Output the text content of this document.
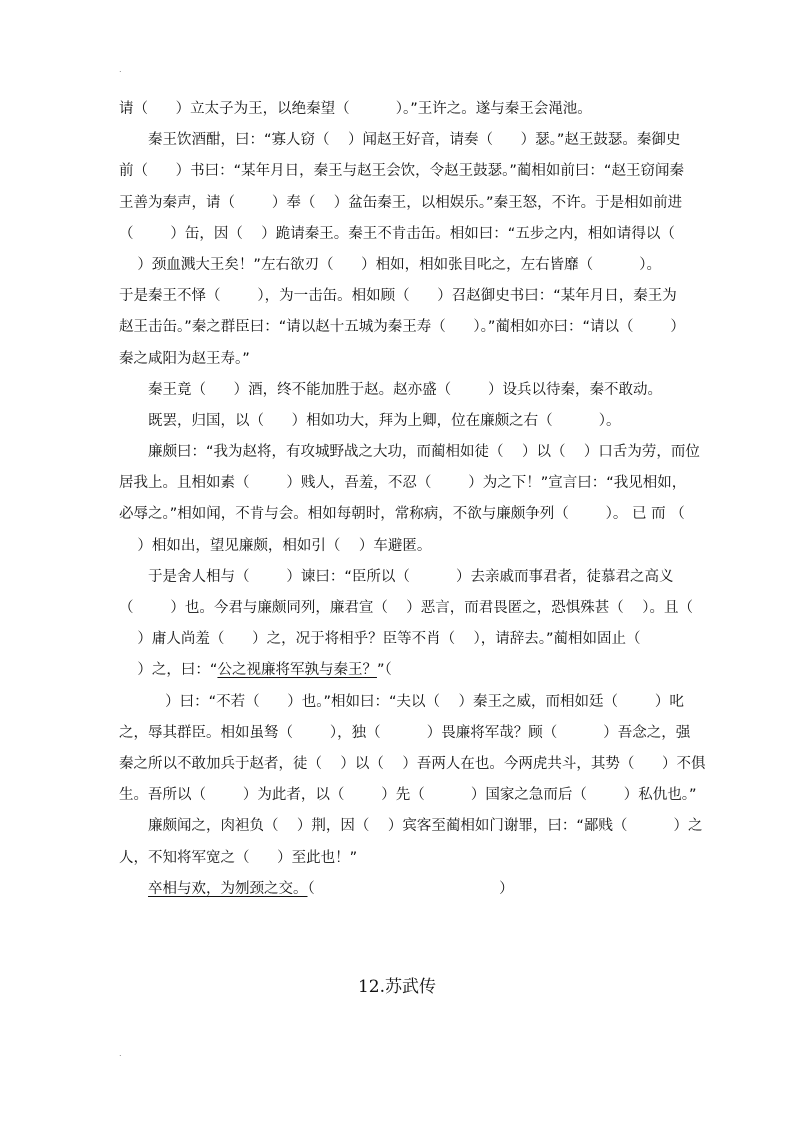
.
请（      ）立太子为王，以绝秦望（          ）。”王许之。遂与秦王会渑池。
秦王饮酒酣，曰：“寡人窃（    ）闻赵王好音，请奏（      ）瑟。”赵王鼓瑟。秦御史
前（      ）书曰：“某年月日，秦王与赵王会饮，令赵王鼓瑟。”蔺相如前曰：“赵王窃闻秦
王善为秦声，请（        ）奉（    ）盆缶秦王，以相娱乐。”秦王怒，不许。于是相如前进
（        ）缶，因（    ）跪请秦王。秦王不肯击缶。相如曰：“五步之内，相如请得以（
）颈血溅大王矣！”左右欲刃（      ）相如，相如张目叱之，左右皆靡（          ）。
于是秦王不怿（        ），为一击缶。相如顾（      ）召赵御史书曰：“某年月日，秦王为
赵王击缶。”秦之群臣曰：“请以赵十五城为秦王寿（      ）。”蔺相如亦曰：“请以（        ）
秦之咸阳为赵王寿。”
秦王竟（      ）酒，终不能加胜于赵。赵亦盛（        ）设兵以待秦，秦不敢动。
既罢，归国，以（      ）相如功大，拜为上卿，位在廉颇之右（          ）。
廉颇曰：“我为赵将，有攻城野战之大功，而蔺相如徒（    ）以（    ）口舌为劳，而位
居我上。且相如素（        ）贱人，吾羞，不忍（        ）为之下！”宣言曰：“我见相如，
必辱之。”相如闻，不肯与会。相如每朝时，常称病，不欲与廉颇争列（        ）。 已 而 （
）相如出，望见廉颇，相如引（    ）车避匿。
于是舍人相与（        ）谏曰：“臣所以（          ）去亲戚而事君者，徒慕君之高义
（        ）也。今君与廉颇同列，廉君宣（    ）恶言，而君畏匿之，恐惧殊甚（    ）。且（
）庸人尚羞（      ）之，况于将相乎？臣等不肖（    ），请辞去。”蔺相如固止（
）之，曰：“公之视廉将军孰与秦王？”（
）曰：“不若（      ）也。”相如曰：“夫以（    ）秦王之威，而相如廷（        ）叱
之，辱其群臣。相如虽驽（        ），独（          ）畏廉将军哉？顾（          ）吾念之，强
秦之所以不敢加兵于赵者，徒（    ）以（    ）吾两人在也。今两虎共斗，其势（      ）不俱
生。吾所以（        ）为此者，以（        ）先（          ）国家之急而后（        ）私仇也。”
廉颇闻之，肉袒负（    ）荆，因（    ）宾客至蔺相如门谢罪，曰：“鄙贱（          ）之
人，不知将军宽之（      ）至此也！”
卒相与欢，为刎颈之交。（                                        ）
12.苏武传
.
